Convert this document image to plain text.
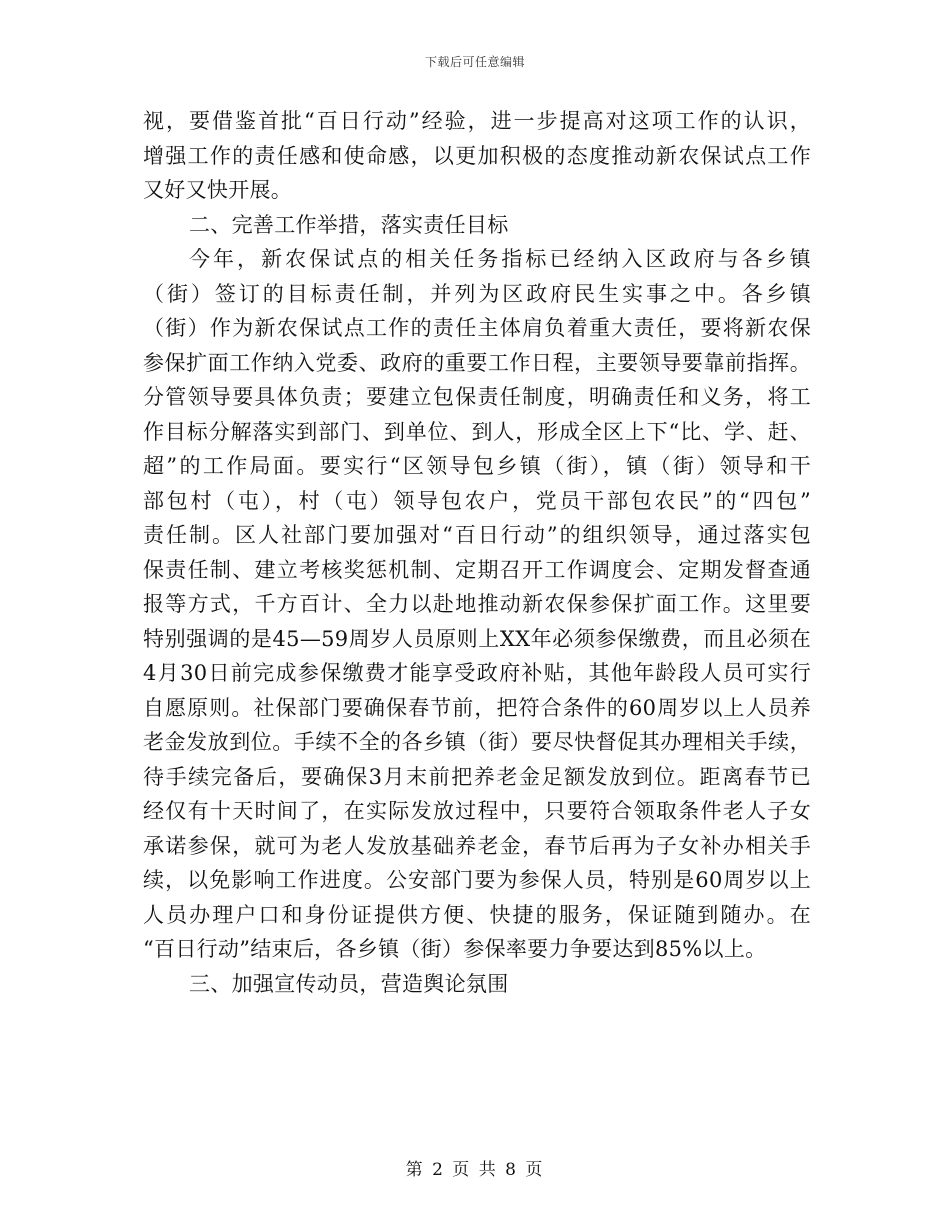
下载后可任意编辑
视，要借鉴首批“百日行动”经验，进一步提高对这项工作的认识，
增强工作的责任感和使命感，以更加积极的态度推动新农保试点工作
又好又快开展。
二、完善工作举措，落实责任目标
今年，新农保试点的相关任务指标已经纳入区政府与各乡镇
（街）签订的目标责任制，并列为区政府民生实事之中。各乡镇
（街）作为新农保试点工作的责任主体肩负着重大责任，要将新农保
参保扩面工作纳入党委、政府的重要工作日程，主要领导要靠前指挥。
分管领导要具体负责；要建立包保责任制度，明确责任和义务，将工
作目标分解落实到部门、到单位、到人，形成全区上下“比、学、赶、
超”的工作局面。要实行“区领导包乡镇（街），镇（街）领导和干
部包村（屯），村（屯）领导包农户，党员干部包农民”的“四包”
责任制。区人社部门要加强对“百日行动”的组织领导，通过落实包
保责任制、建立考核奖惩机制、定期召开工作调度会、定期发督查通
报等方式，千方百计、全力以赴地推动新农保参保扩面工作。这里要
特别强调的是45—59周岁人员原则上XX年必须参保缴费，而且必须在
4月30日前完成参保缴费才能享受政府补贴，其他年龄段人员可实行
自愿原则。社保部门要确保春节前，把符合条件的60周岁以上人员养
老金发放到位。手续不全的各乡镇（街）要尽快督促其办理相关手续，
待手续完备后，要确保3月末前把养老金足额发放到位。距离春节已
经仅有十天时间了，在实际发放过程中，只要符合领取条件老人子女
承诺参保，就可为老人发放基础养老金，春节后再为子女补办相关手
续，以免影响工作进度。公安部门要为参保人员，特别是60周岁以上
人员办理户口和身份证提供方便、快捷的服务，保证随到随办。在
“百日行动”结束后，各乡镇（街）参保率要力争要达到85%以上。
三、加强宣传动员，营造舆论氛围
第 2 页 共 8 页
